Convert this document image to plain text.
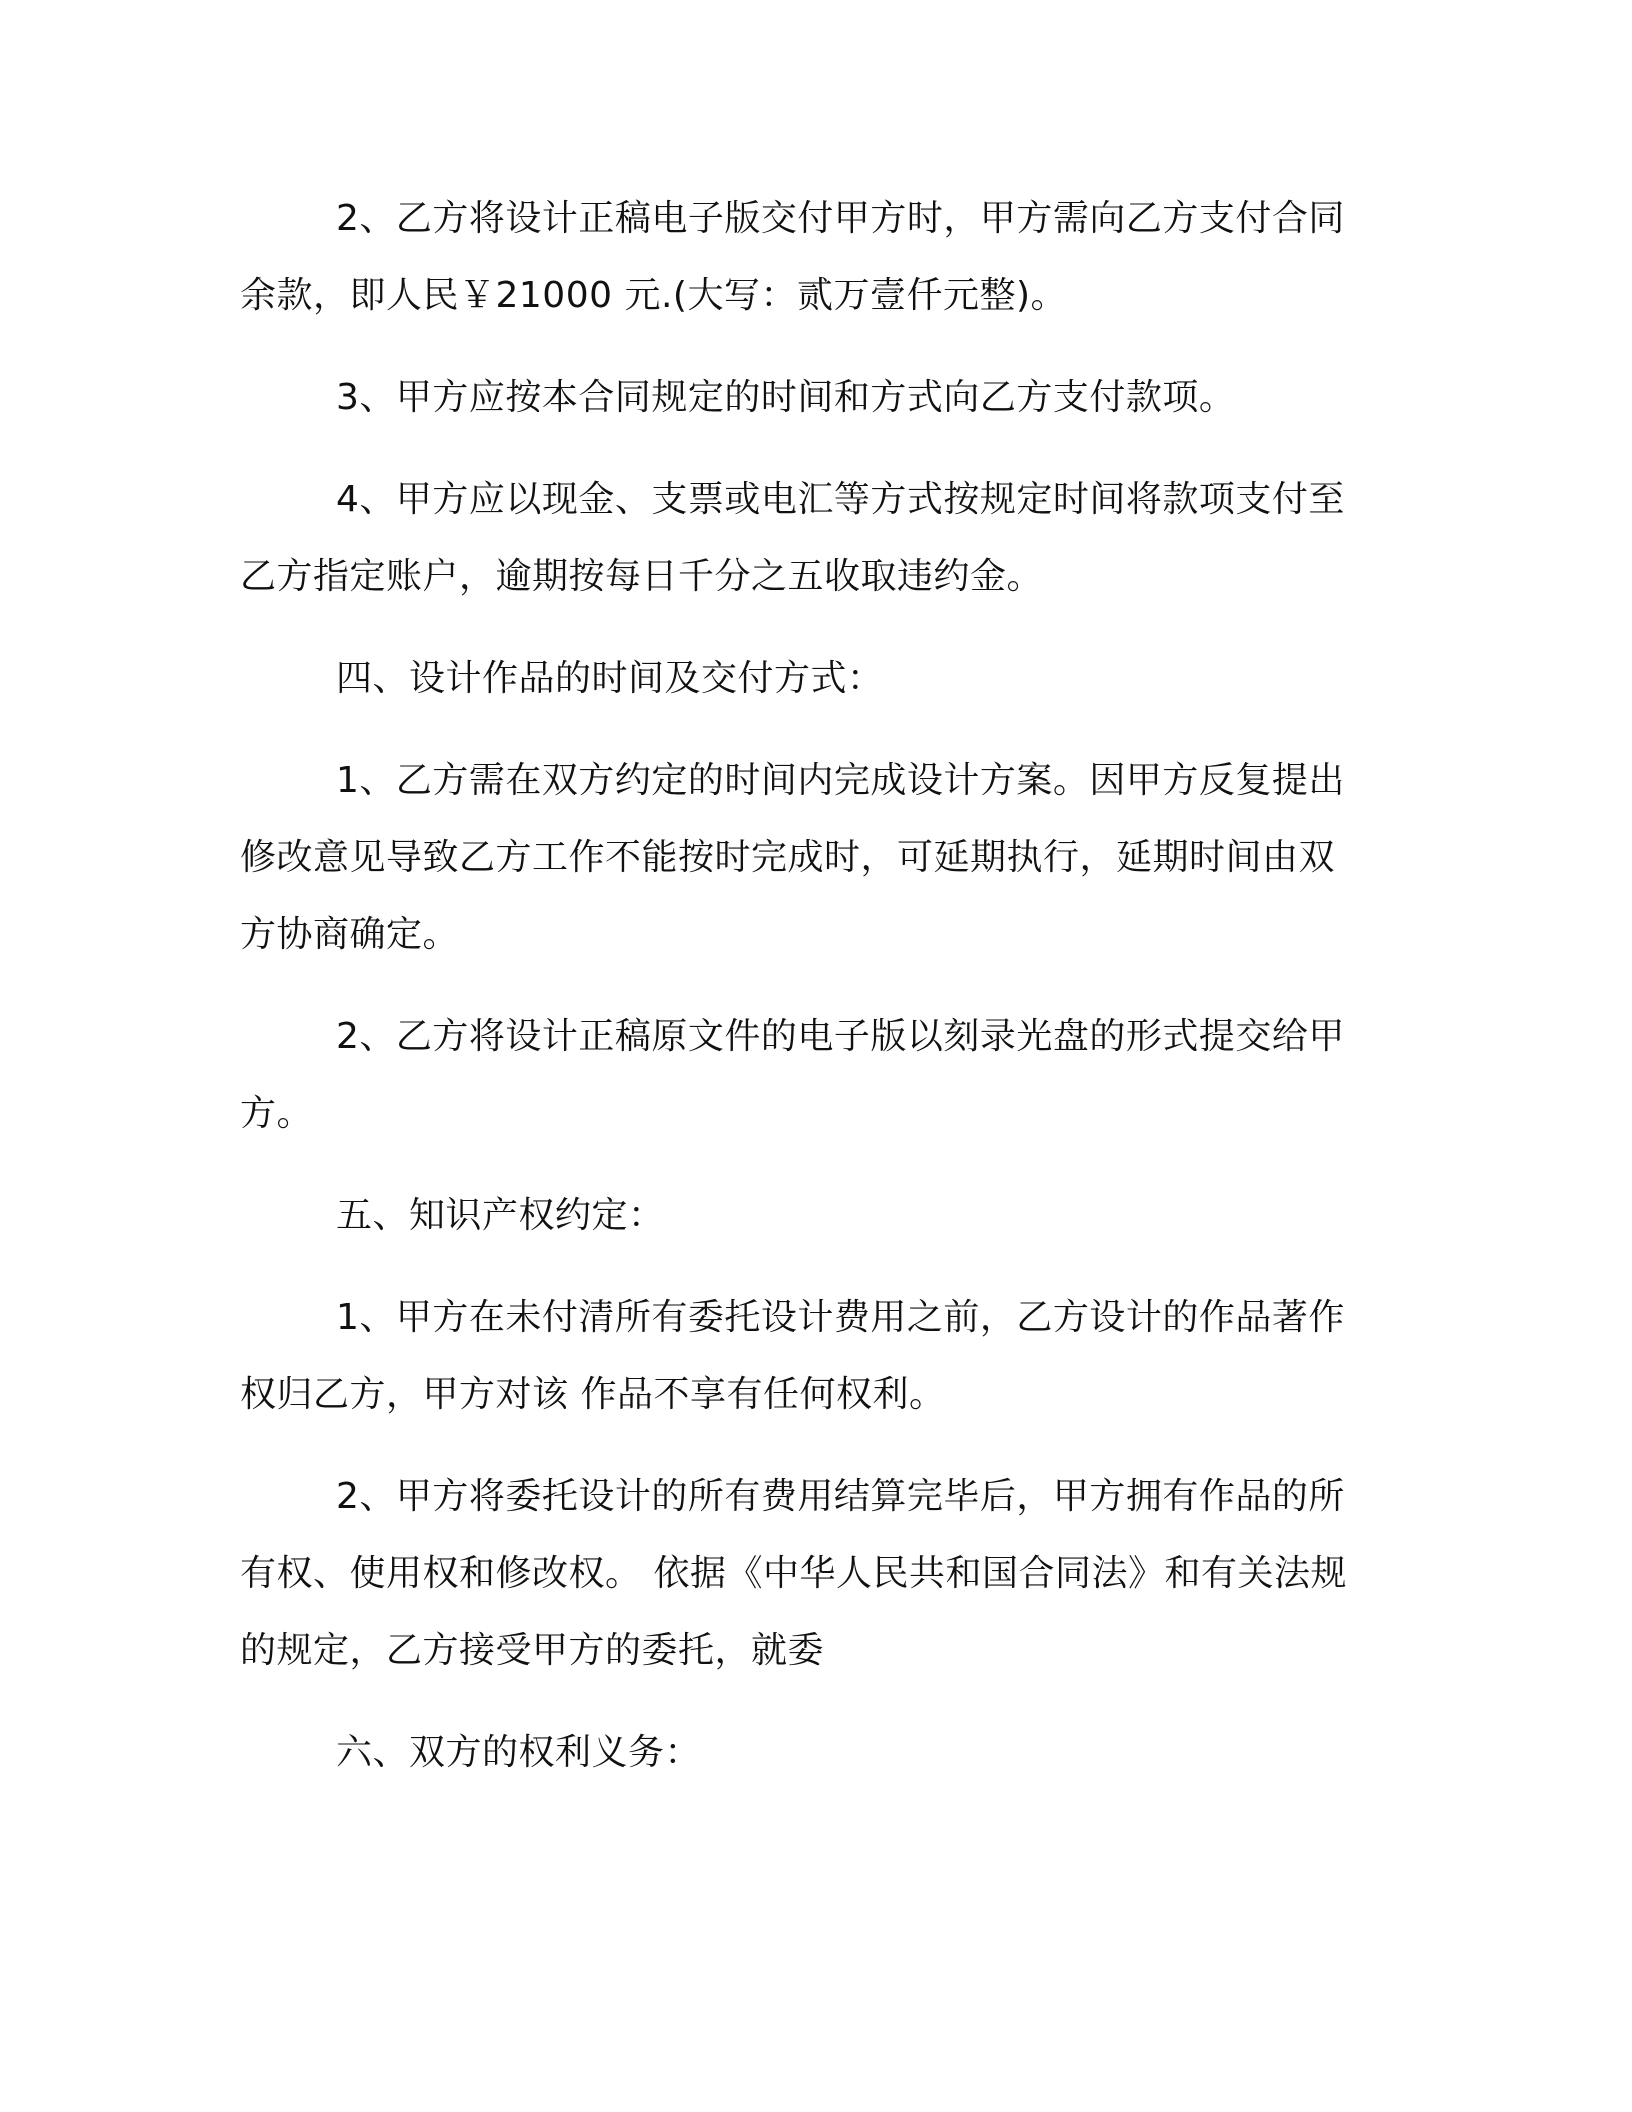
2、乙方将设计正稿电子版交付甲方时，甲方需向乙方支付合同
余款，即人民￥21000 元.(大写：贰万壹仟元整)。

3、甲方应按本合同规定的时间和方式向乙方支付款项。

4、甲方应以现金、支票或电汇等方式按规定时间将款项支付至
乙方指定账户，逾期按每日千分之五收取违约金。

四、设计作品的时间及交付方式：

1、乙方需在双方约定的时间内完成设计方案。因甲方反复提出
修改意见导致乙方工作不能按时完成时，可延期执行，延期时间由双
方协商确定。

2、乙方将设计正稿原文件的电子版以刻录光盘的形式提交给甲
方。

五、知识产权约定：

1、甲方在未付清所有委托设计费用之前，乙方设计的作品著作
权归乙方，甲方对该 作品不享有任何权利。

2、甲方将委托设计的所有费用结算完毕后，甲方拥有作品的所
有权、使用权和修改权。 依据《中华人民共和国合同法》和有关法规
的规定，乙方接受甲方的委托，就委

六、双方的权利义务：
